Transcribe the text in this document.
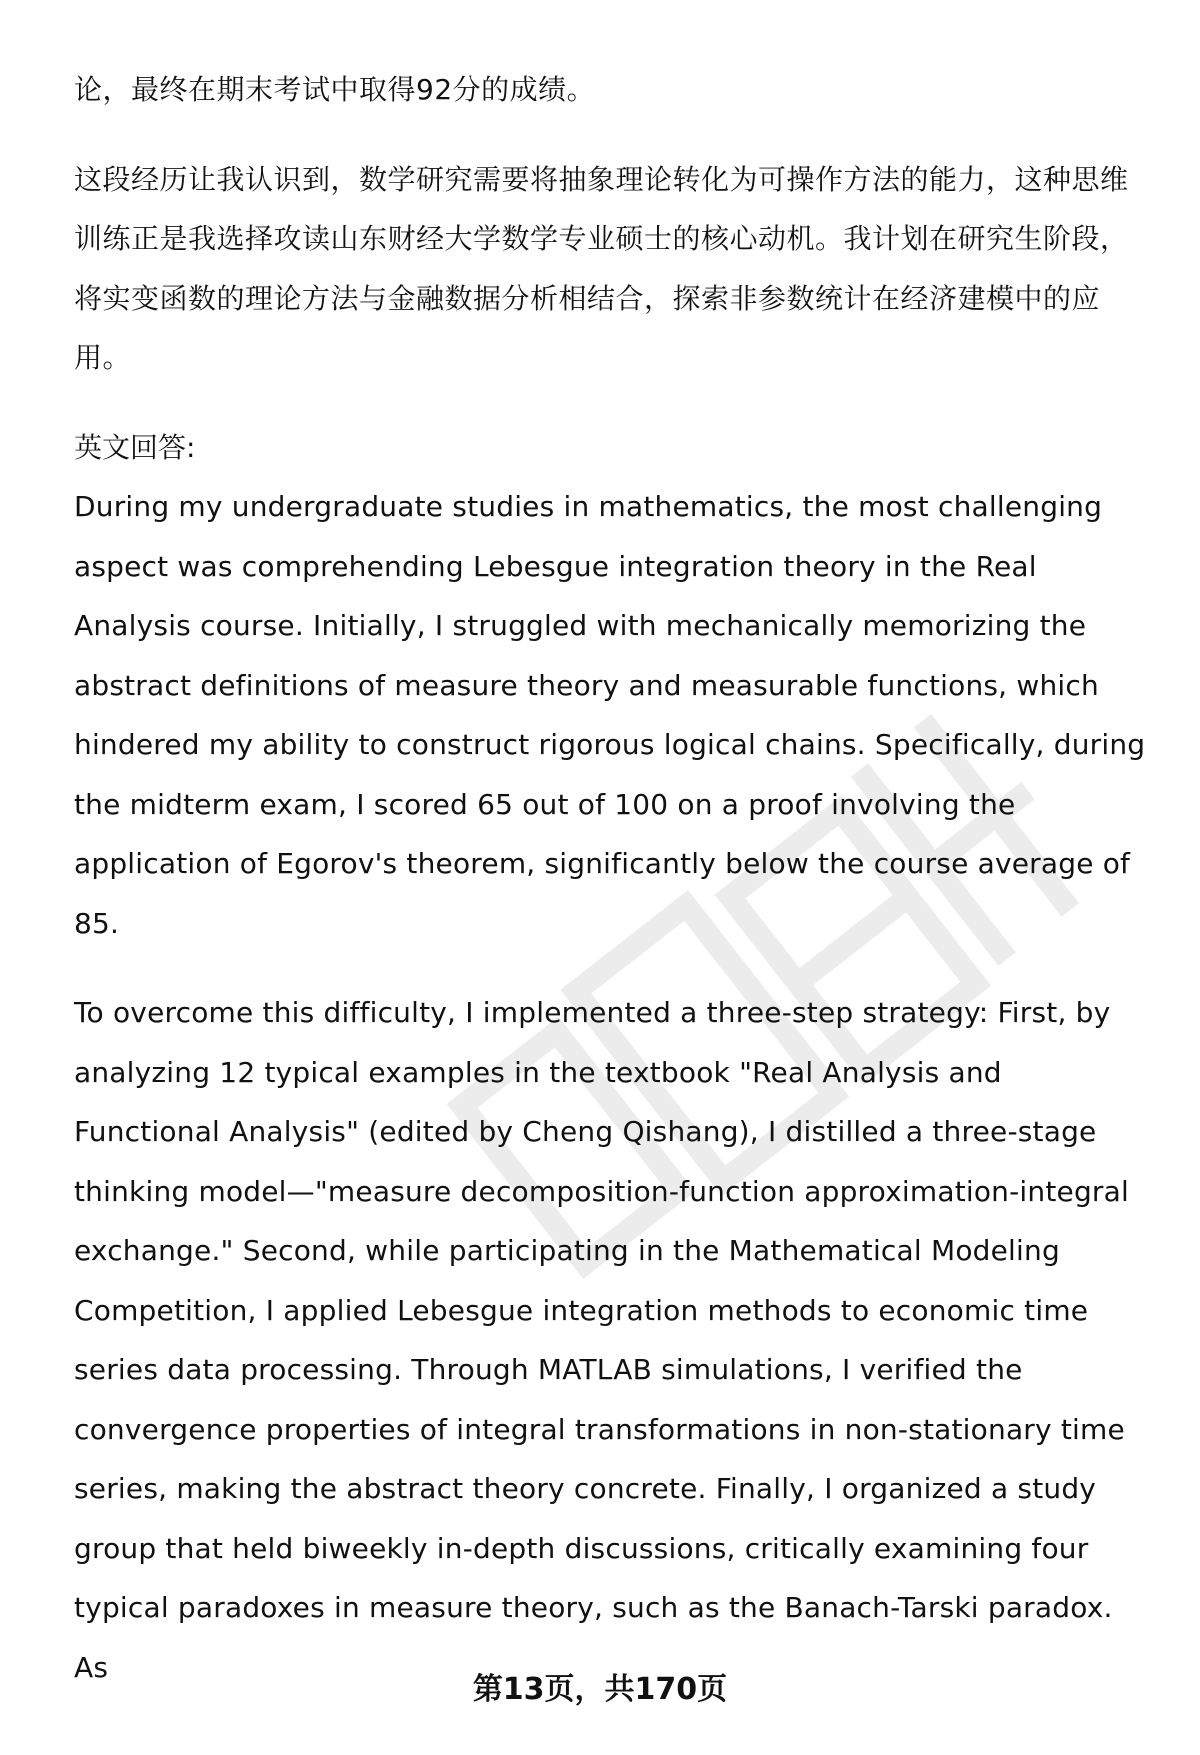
论，最终在期末考试中取得92分的成绩。

这段经历让我认识到，数学研究需要将抽象理论转化为可操作方法的能力，这种思维训练正是我选择攻读山东财经大学数学专业硕士的核心动机。我计划在研究生阶段，将实变函数的理论方法与金融数据分析相结合，探索非参数统计在经济建模中的应用。

英文回答:

During my undergraduate studies in mathematics, the most challenging aspect was comprehending Lebesgue integration theory in the Real Analysis course. Initially, I struggled with mechanically memorizing the abstract definitions of measure theory and measurable functions, which hindered my ability to construct rigorous logical chains. Specifically, during the midterm exam, I scored 65 out of 100 on a proof involving the application of Egorov's theorem, significantly below the course average of 85.

To overcome this difficulty, I implemented a three-step strategy: First, by analyzing 12 typical examples in the textbook "Real Analysis and Functional Analysis" (edited by Cheng Qishang), I distilled a three-stage thinking model—"measure decomposition-function approximation-integral exchange." Second, while participating in the Mathematical Modeling Competition, I applied Lebesgue integration methods to economic time series data processing. Through MATLAB simulations, I verified the convergence properties of integral transformations in non-stationary time series, making the abstract theory concrete. Finally, I organized a study group that held biweekly in-depth discussions, critically examining four typical paradoxes in measure theory, such as the Banach-Tarski paradox. As

第13页，共170页
